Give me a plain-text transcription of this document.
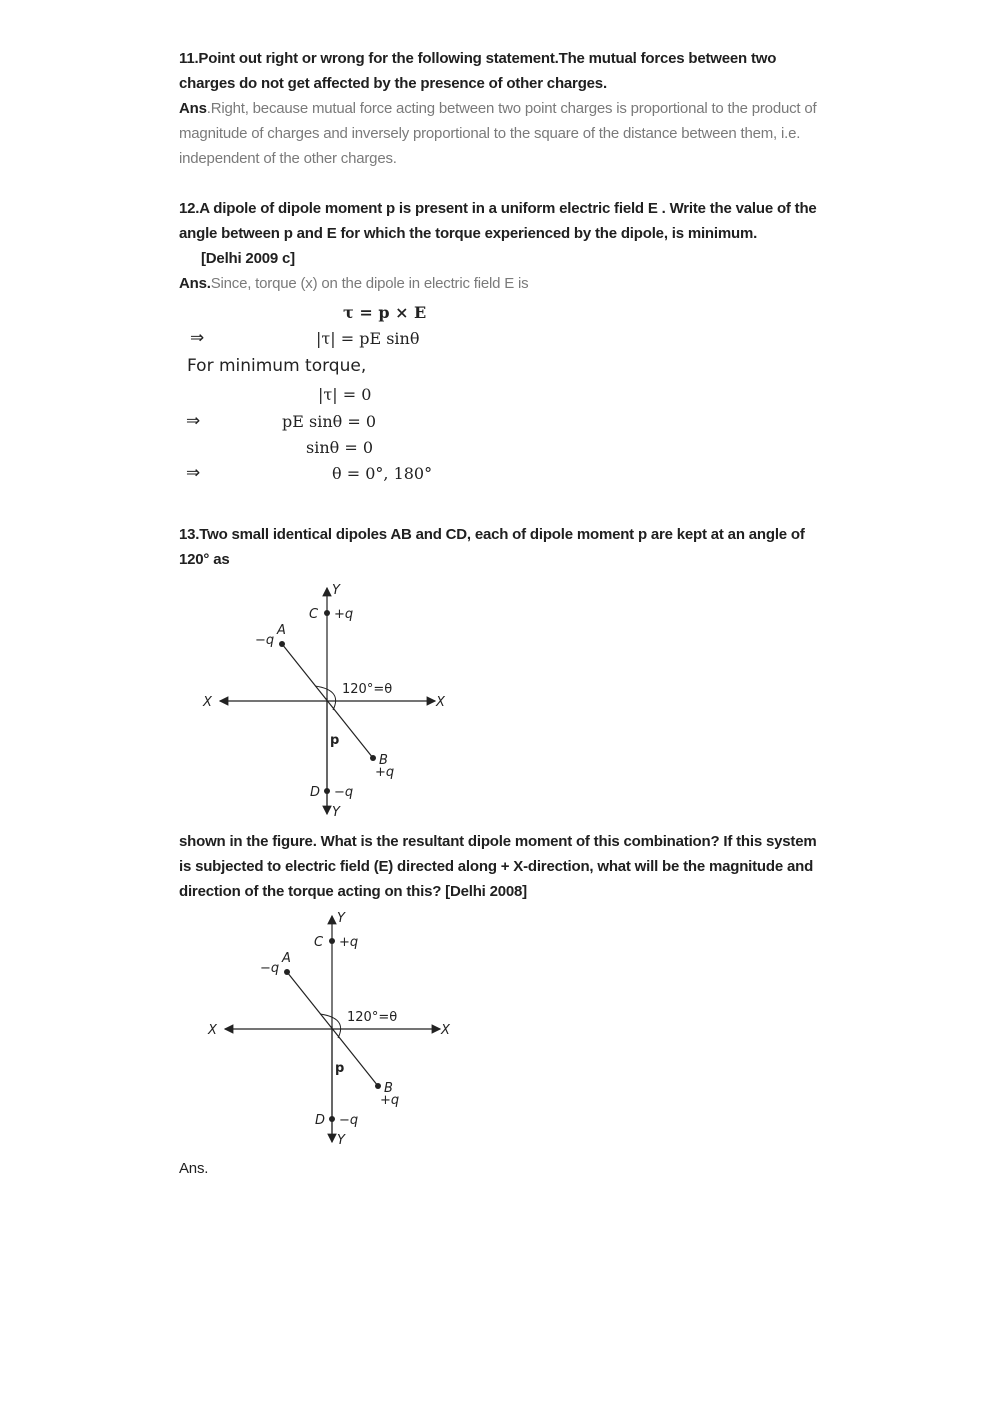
11.Point out right or wrong for the following statement.The mutual forces between two charges do not get affected by the presence of other charges.
Ans.Right, because mutual force acting between two point charges is proportional to the product of magnitude of charges and inversely proportional to the square of the distance between them, i.e. independent of the other charges.
12.A dipole of dipole moment p is present in a uniform electric field E . Write the value of the angle between p and E for which the torque experienced by the dipole, is minimum. [Delhi 2009 c]
Ans.Since, torque (x) on the dipole in electric field E is
τ = p × E
⇒	|τ| = pE sinθ
For minimum torque,
|τ| = 0
⇒	pE sinθ = 0
sinθ = 0
⇒	θ = 0°, 180°
13.Two small identical dipoles AB and CD, each of dipole moment p are kept at an angle of 120° as
Y
Y
X	X
C +q
A
−q
120°=θ
p
B
+q
D −q
shown in the figure. What is the resultant dipole moment of this combination? If this system is subjected to electric field (E) directed along + X-direction, what will be the magnitude and direction of the torque acting on this? [Delhi 2008]
Y
Y
X	X
C +q
A
−q
120°=θ
p
B
+q
D −q
Ans.
